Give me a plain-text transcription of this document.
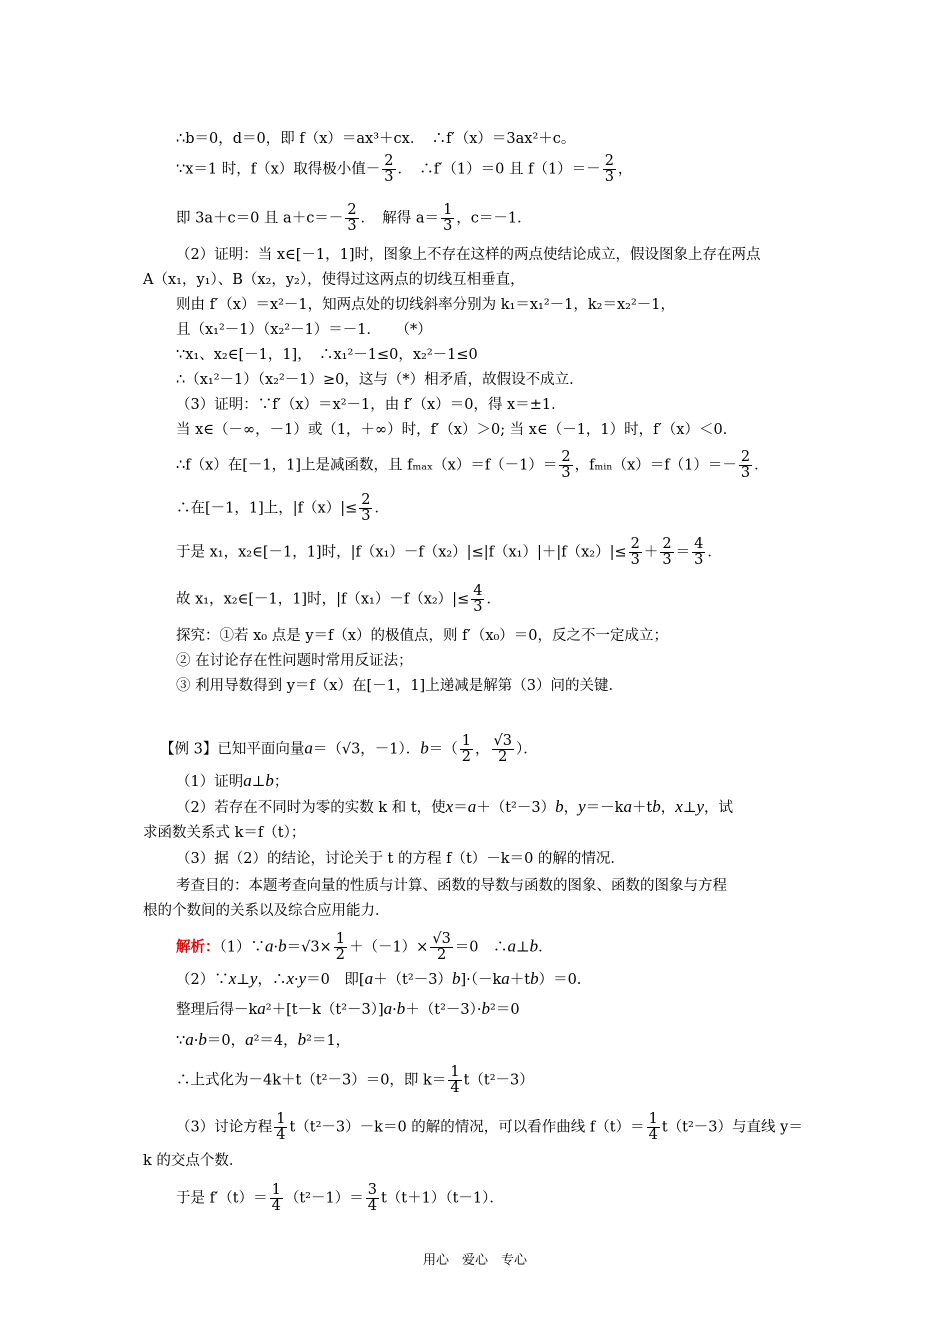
∴b＝0，d＝0，即 f（x）＝ax³＋cx．　∴f′（x）＝3ax²＋c。
∵x＝1 时，f（x）取得极小值－ $\frac{2}{3}$ ．　∴f′（1）＝0 且 $f(1)=- \frac{2}{3}$ ，
即 3a＋c＝0 且 $a+c=- \frac{2}{3}$ ．　解得 $a= \frac{1}{3}$ ，c＝－1．
（2）证明：当 x∈[－1，1]时，图象上不存在这样的两点使结论成立，假设图象上存在两点
A（x₁，y₁）、B（x₂，y₂），使得过这两点的切线互相垂直，
则由 f′（x）＝x²－1，知两点处的切线斜率分别为 k₁＝x₁²－1，k₂＝x₂²－1，
且（x₁²－1）（x₂²－1）＝－1．　　（*）
∵x₁、x₂∈[－1，1]，　∴x₁²－1≤0，x₂²－1≤0
∴（x₁²－1）（x₂²－1）≥0，这与（*）相矛盾，故假设不成立．
（3）证明：∵f′（x）＝x²－1，由 f′（x）＝0，得 x＝±1．
当 x∈（－∞，－1）或（1，＋∞）时，f′（x）＞0; 当 x∈（－1，1）时，f′（x）＜0．
∴f（x）在[－1，1]上是减函数，且 $f_{max}(x)=f(-1)= \frac{2}{3}$ ，fₘᵢₙ（x）＝f（1）＝－ $\frac{2}{3}$ ．
∴在[－1，1]上，$|f(x)|\le \frac{2}{3}$ ．
于是 x₁，x₂∈[－1，1]时，$|f(x_1)-f(x_2)|\le|f(x_1)|+|f(x_2)|\le \frac{2}{3} + \frac{2}{3} = \frac{4}{3}$ ．
故 x₁，x₂∈[－1，1]时，$|f(x_1)-f(x_2)|\le \frac{4}{3}$ ．
探究：①若 x₀ 点是 y＝f（x）的极值点，则 f′（x₀）＝0，反之不一定成立；
② 在讨论存在性问题时常用反证法；
③ 利用导数得到 y＝f（x）在[－1，1]上递减是解第（3）问的关键．
【例 3】已知平面向量a＝（√3，－1）．$b=( \frac{1}{2}$ ， $\frac{√3}{2}$ ）．
（1）证明a⊥b；
（2）若存在不同时为零的实数 k 和 t，使x＝a＋（t²－3）b，y＝－ka＋tb，x⊥y，试
求函数关系式 k＝f（t）；
（3）据（2）的结论，讨论关于 t 的方程 f（t）－k＝0 的解的情况．
考查目的：本题考查向量的性质与计算、函数的导数与函数的图象、函数的图象与方程
根的个数间的关系以及综合应用能力．
解析：（1）∵a·b＝√3× $\frac{1}{2} +(-1)\times \frac{√3}{2} =0$　∴a⊥b．
（2）∵x⊥y，∴x·y＝0　即[a＋（t²－3）b]·（－ka＋tb）＝0.
整理后得－ka²＋[t－k（t²－3）]a·b＋（t²－3）·b²＝0
∵a·b＝0，a²＝4，b²＝1，
∴上式化为－4k＋t（t²－3）＝0，即 $k= \frac{1}{4} t(t^2-3)$
（3）讨论方程 $\frac{1}{4} t(t^2-3)-k=0$ 的解的情况，可以看作曲线 $f(t)= \frac{1}{4} t(t^2-3)$与直线 y＝
k 的交点个数．
于是 $f'(t)= \frac{1}{4} (t^2-1)= \frac{3}{4} t(t+1)(t-1)$．
用心　爱心　专心
